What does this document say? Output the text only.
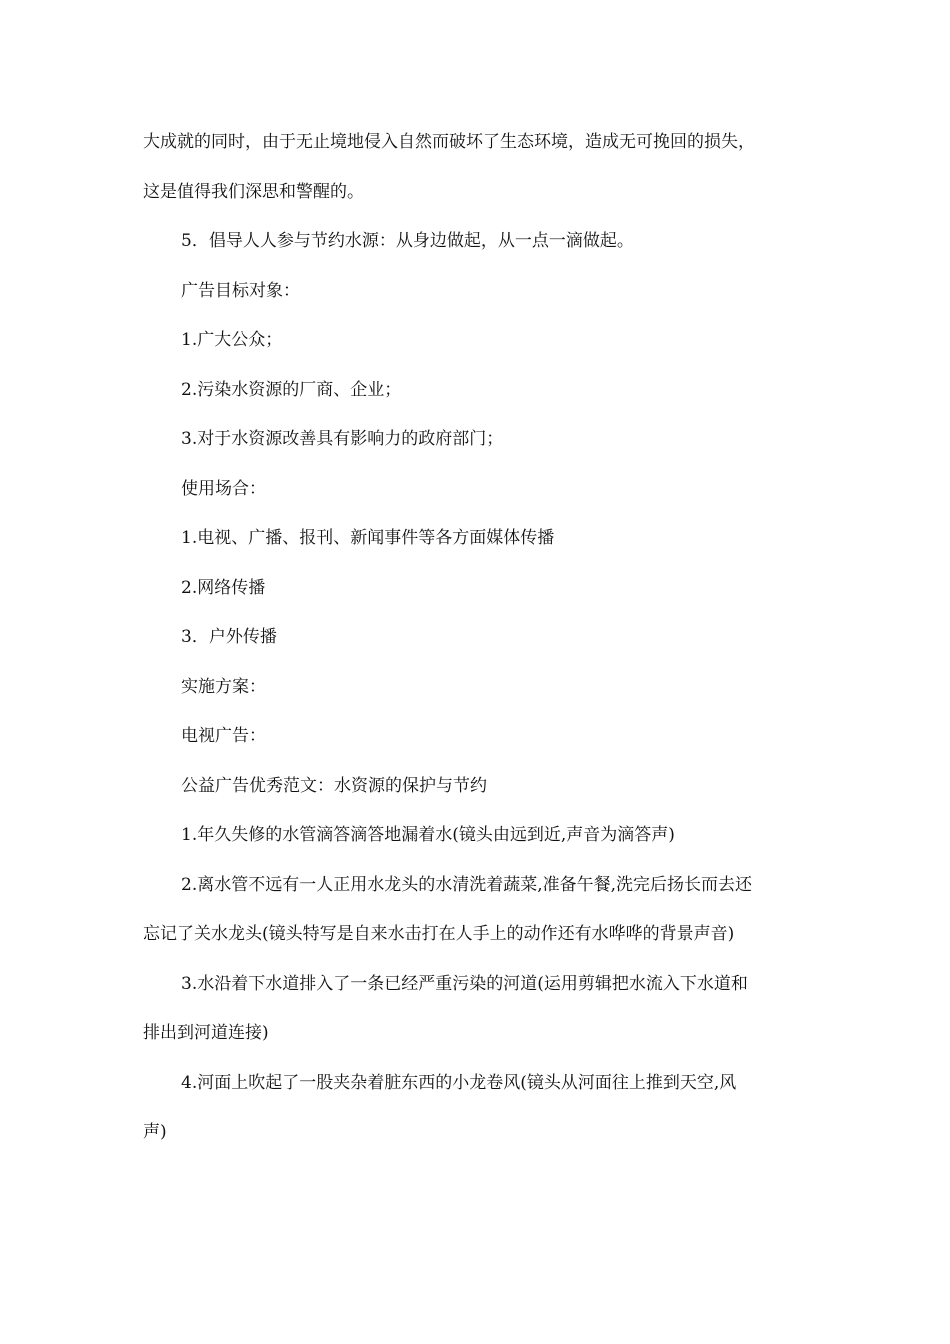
大成就的同时，由于无止境地侵入自然而破坏了生态环境，造成无可挽回的损失，
这是值得我们深思和警醒的。
5．倡导人人参与节约水源：从身边做起，从一点一滴做起。
广告目标对象：
1.广大公众；
2.污染水资源的厂商、企业；
3.对于水资源改善具有影响力的政府部门；
使用场合：
1.电视、广播、报刊、新闻事件等各方面媒体传播
2.网络传播
3．户外传播
实施方案：
电视广告：
公益广告优秀范文：水资源的保护与节约
1.年久失修的水管滴答滴答地漏着水(镜头由远到近,声音为滴答声)
2.离水管不远有一人正用水龙头的水清洗着蔬菜,准备午餐,洗完后扬长而去还
忘记了关水龙头(镜头特写是自来水击打在人手上的动作还有水哗哗的背景声音)
3.水沿着下水道排入了一条已经严重污染的河道(运用剪辑把水流入下水道和
排出到河道连接)
4.河面上吹起了一股夹杂着脏东西的小龙卷风(镜头从河面往上推到天空,风
声)
